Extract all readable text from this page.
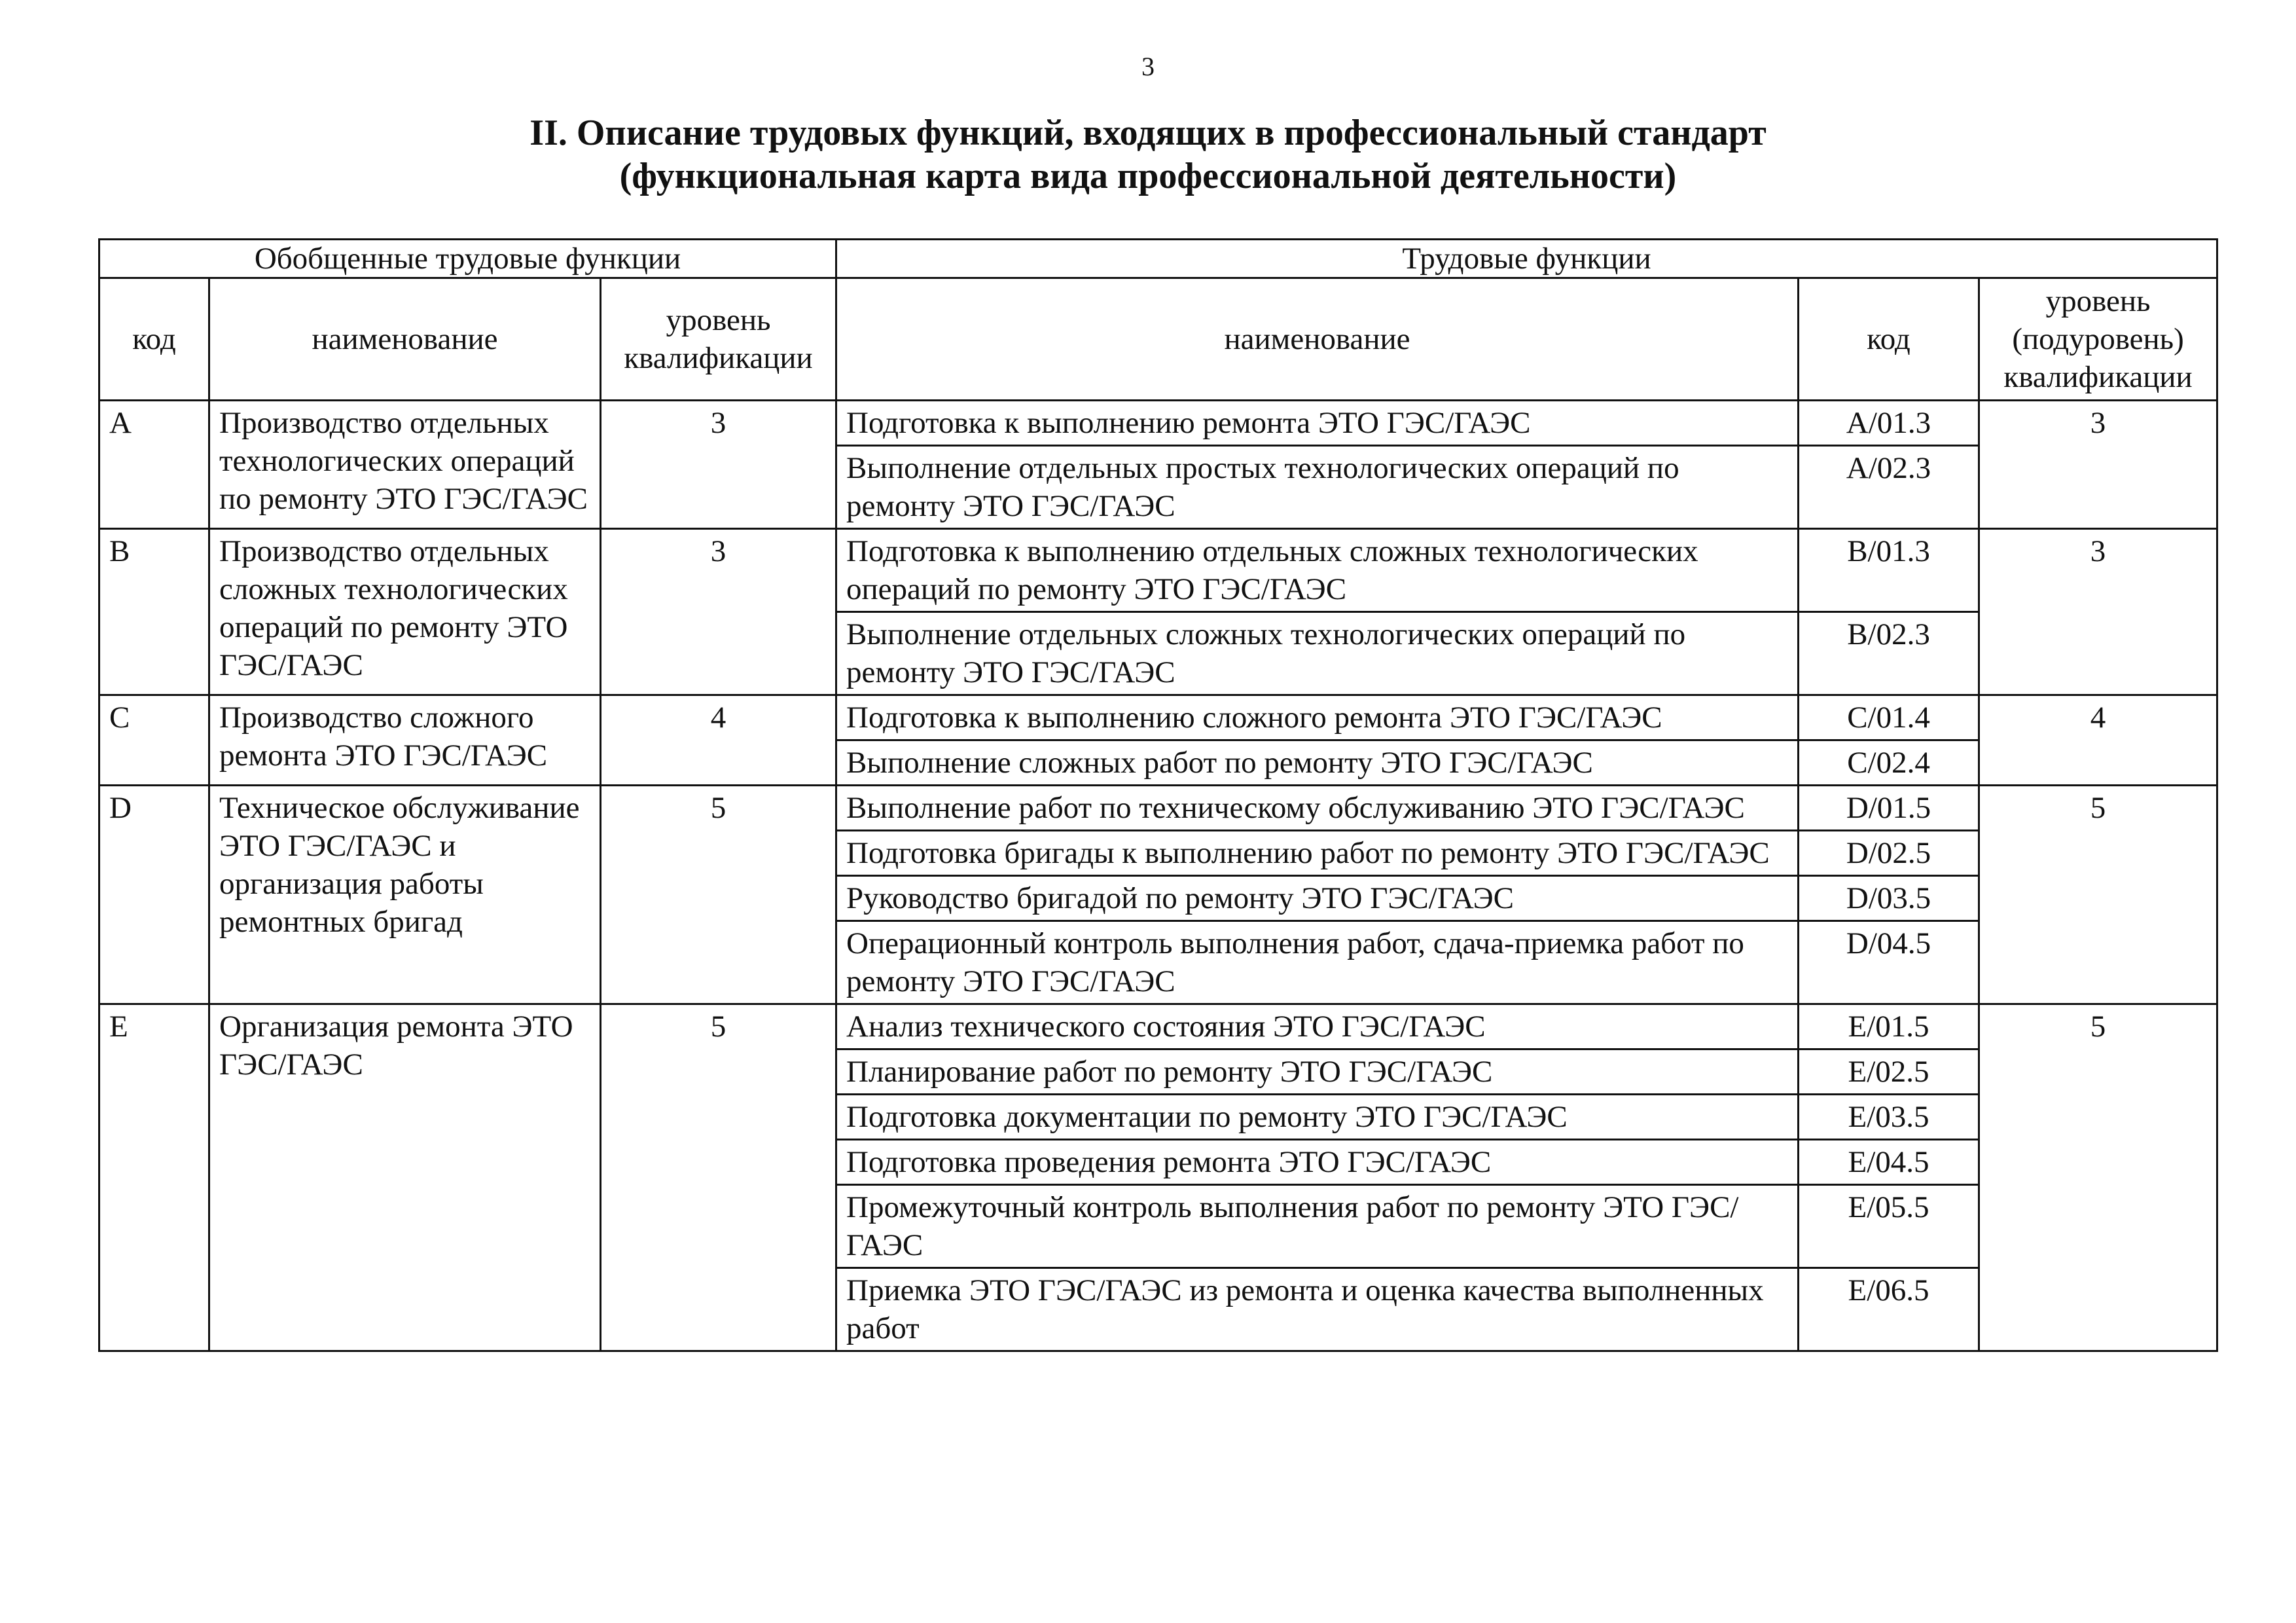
3
II. Описание трудовых функций, входящих в профессиональный стандарт
(функциональная карта вида профессиональной деятельности)
Обобщенные трудовые функции			Трудовые функции		
код	наименование	уровень квалификации	наименование	код	уровень (подуровень) квалификации
A	Производство отдельных технологических операций по ремонту ЭТО ГЭС/ГАЭС	3	Подготовка к выполнению ремонта ЭТО ГЭС/ГАЭС	A/01.3	3
			Выполнение отдельных простых технологических операций по ремонту ЭТО ГЭС/ГАЭС	A/02.3	
B	Производство отдельных сложных технологических операций по ремонту ЭТО ГЭС/ГАЭС	3	Подготовка к выполнению отдельных сложных технологических операций по ремонту ЭТО ГЭС/ГАЭС	B/01.3	3
			Выполнение отдельных сложных технологических операций по ремонту ЭТО ГЭС/ГАЭС	B/02.3	
C	Производство сложного ремонта ЭТО ГЭС/ГАЭС	4	Подготовка к выполнению сложного ремонта ЭТО ГЭС/ГАЭС	C/01.4	4
			Выполнение сложных работ по ремонту ЭТО ГЭС/ГАЭС	C/02.4	
D	Техническое обслуживание ЭТО ГЭС/ГАЭС и организация работы ремонтных бригад	5	Выполнение работ по техническому обслуживанию ЭТО ГЭС/ГАЭС	D/01.5	5
			Подготовка бригады к выполнению работ по ремонту ЭТО ГЭС/ГАЭС	D/02.5	
			Руководство бригадой по ремонту ЭТО ГЭС/ГАЭС	D/03.5	
			Операционный контроль выполнения работ, сдача-приемка работ по ремонту ЭТО ГЭС/ГАЭС	D/04.5	
E	Организация ремонта ЭТО ГЭС/ГАЭС	5	Анализ технического состояния ЭТО ГЭС/ГАЭС	E/01.5	5
			Планирование работ по ремонту ЭТО ГЭС/ГАЭС	E/02.5	
			Подготовка документации по ремонту ЭТО ГЭС/ГАЭС	E/03.5	
			Подготовка проведения ремонта ЭТО ГЭС/ГАЭС	E/04.5	
			Промежуточный контроль выполнения работ по ремонту ЭТО ГЭС/ГАЭС	E/05.5	
			Приемка ЭТО ГЭС/ГАЭС из ремонта и оценка качества выполненных работ	E/06.5	
